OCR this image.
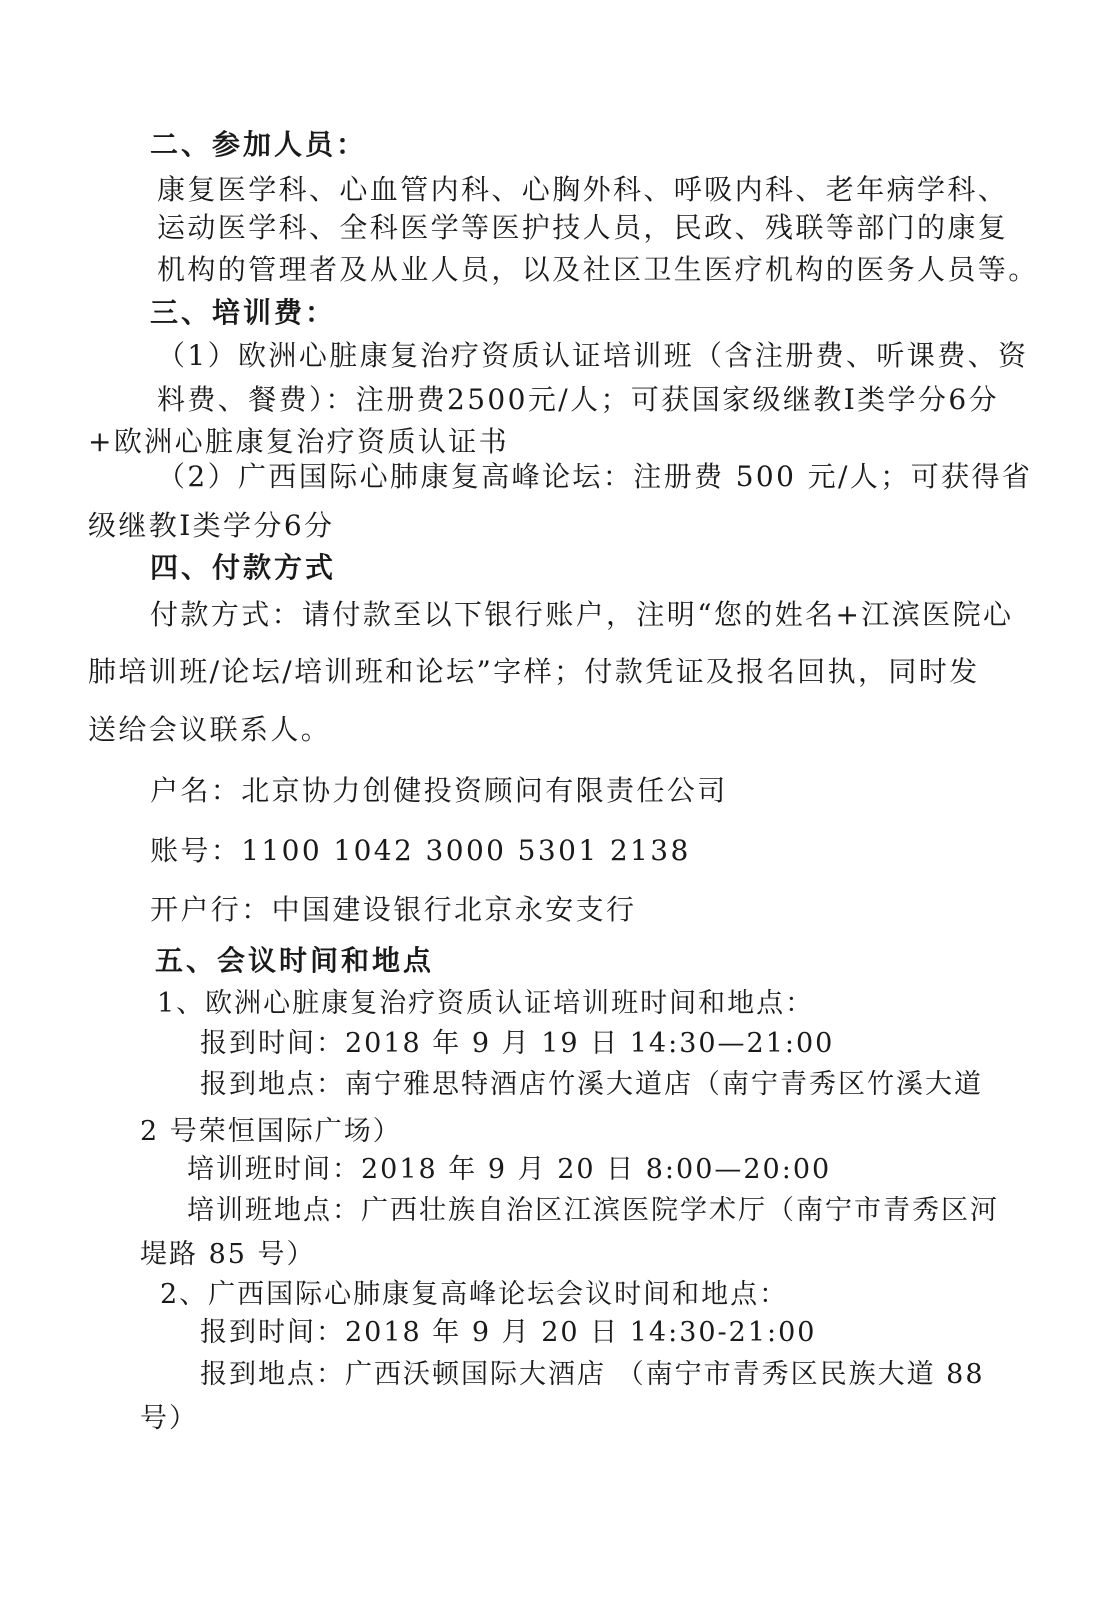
二、参加人员：
康复医学科、心血管内科、心胸外科、呼吸内科、老年病学科、
运动医学科、全科医学等医护技人员，民政、残联等部门的康复
机构的管理者及从业人员，以及社区卫生医疗机构的医务人员等。
三、培训费：
（1）欧洲心脏康复治疗资质认证培训班（含注册费、听课费、资
料费、餐费）：注册费2500元/人；可获国家级继教Ⅰ类学分6分
+欧洲心脏康复治疗资质认证书
（2）广西国际心肺康复高峰论坛：注册费 500 元/人；可获得省
级继教Ⅰ类学分6分
四、付款方式
付款方式：请付款至以下银行账户，注明“您的姓名+江滨医院心
肺培训班/论坛/培训班和论坛”字样；付款凭证及报名回执，同时发
送给会议联系人。
户名：北京协力创健投资顾问有限责任公司
账号：1100 1042 3000 5301 2138
开户行：中国建设银行北京永安支行
五、会议时间和地点
1、欧洲心脏康复治疗资质认证培训班时间和地点：
报到时间：2018 年 9 月 19 日 14:30—21:00
报到地点：南宁雅思特酒店竹溪大道店（南宁青秀区竹溪大道
2 号荣恒国际广场）
培训班时间：2018 年 9 月 20 日 8:00—20:00
培训班地点：广西壮族自治区江滨医院学术厅（南宁市青秀区河
堤路 85 号）
2、广西国际心肺康复高峰论坛会议时间和地点：
报到时间：2018 年 9 月 20 日 14:30-21:00
报到地点：广西沃顿国际大酒店 （南宁市青秀区民族大道 88
号）
